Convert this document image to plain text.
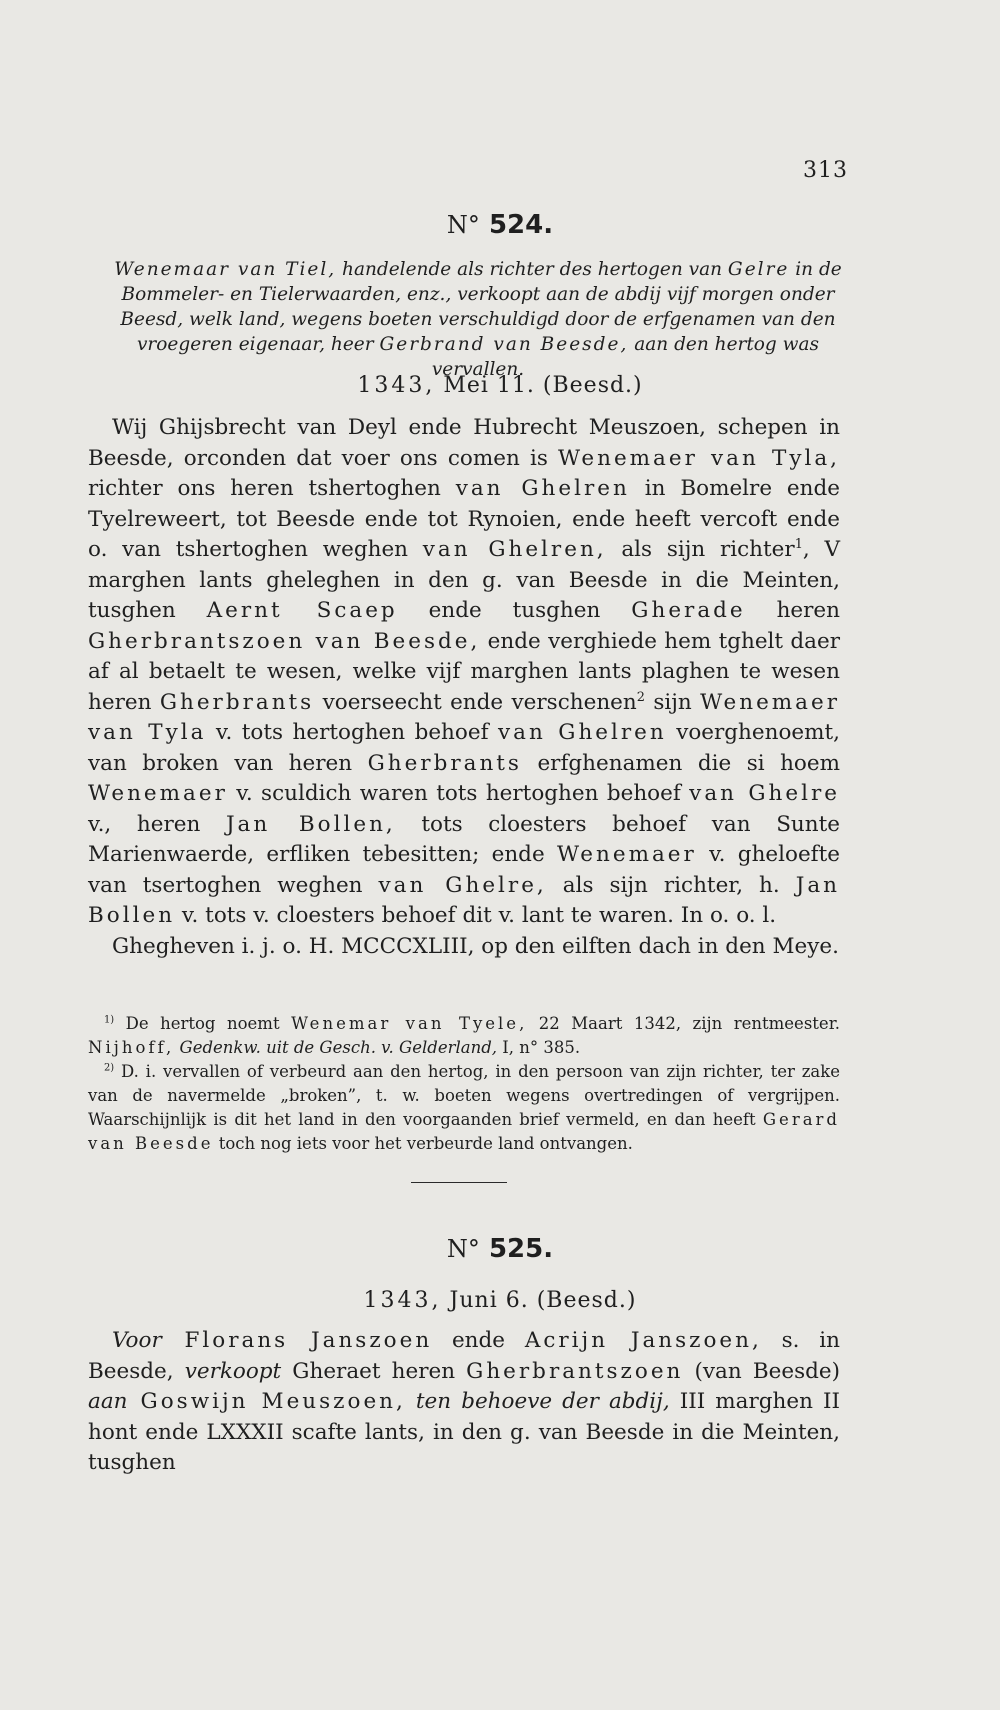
313
N° 524.
Wenemaar van Tiel, handelende als richter des hertogen van Gelre in de Bommeler- en Tielerwaarden, enz., verkoopt aan de abdij vijf morgen onder Beesd, welk land, wegens boeten verschuldigd door de erfgenamen van den vroegeren eigenaar, heer Gerbrand van Beesde, aan den hertog was vervallen.
1343, Mei 11. (Beesd.)

Wij Ghijsbrecht van Deyl ende Hubrecht Meuszoen, schepen in Beesde, orconden dat voer ons comen is Wenemaer van Tyla, richter ons heren tshertoghen van Ghelren in Bomelre ende Tyelreweert, tot Beesde ende tot Rynoien, ende heeft vercoft ende o. van tshertoghen weghen van Ghelren, als sijn richter$^1$, V marghen lants gheleghen in den g. van Beesde in die Meinten, tusghen Aernt Scaep ende tusghen Gherade heren Gherbrantszoen van Beesde, ende verghiede hem tghelt daer af al betaelt te wesen, welke vijf marghen lants plaghen te wesen heren Gherbrants voerseecht ende verschenen$^2$ sijn Wenemaer van Tyla v. tots hertoghen behoef van Ghelren voerghenoemt, van broken van heren Gherbrants erfghenamen die si hoem Wenemaer v. sculdich waren tots hertoghen behoef van Ghelre v., heren Jan Bollen, tots cloesters behoef van Sunte Marienwaerde, erfliken tebesitten; ende Wenemaer v. gheloefte van tsertoghen weghen van Ghelre, als sijn richter, h. Jan Bollen v. tots v. cloesters behoef dit v. lant te waren. In o. o. l.

Ghegheven i. j. o. H. MCCCXLIII, op den eilften dach in den Meye.

$^{1)}$ De hertog noemt Wenemar van Tyele, 22 Maart 1342, zijn rentmeester. Nijhoff, Gedenkw. uit de Gesch. v. Gelderland, I, n° 385.

$^{2)}$ D. i. vervallen of verbeurd aan den hertog, in den persoon van zijn richter, ter zake van de navermelde „broken”, t. w. boeten wegens overtredingen of vergrijpen. Waarschijnlijk is dit het land in den voorgaanden brief vermeld, en dan heeft Gerard van Beesde toch nog iets voor het verbeurde land ontvangen.

N° 525.
1343, Juni 6. (Beesd.)

Voor Florans Janszoen ende Acrijn Janszoen, s. in Beesde, verkoopt Gheraet heren Gherbrantszoen (van Beesde) aan Goswijn Meuszoen, ten behoeve der abdij, III marghen II hont ende LXXXII scafte lants, in den g. van Beesde in die Meinten, tusghen
